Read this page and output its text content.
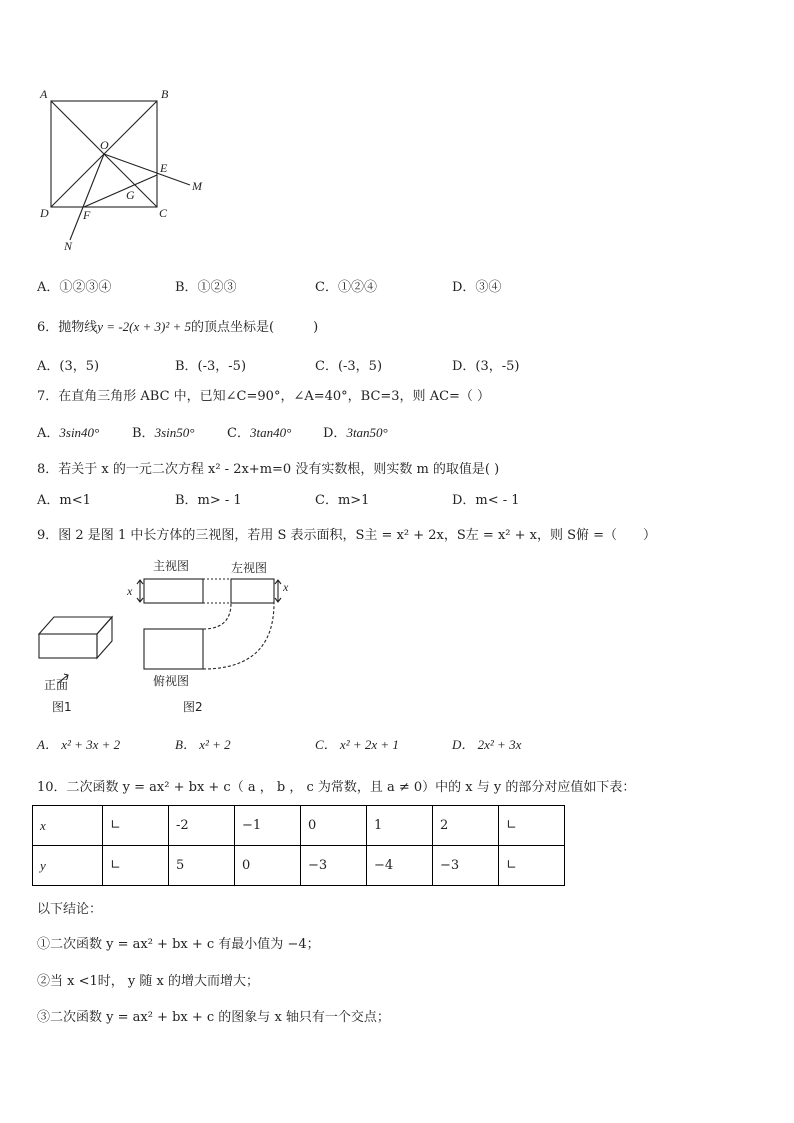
A	B
C
D
O
E
M
G
F
N
A．①②③④	B．①②③	C．①②④	D．③④
6．抛物线y = -2(x + 3)² + 5的顶点坐标是(　　　)
A．(3，5)	B．(-3，-5)	C．(-3，5)	D．(3，-5)
7．在直角三角形 ABC 中，已知∠C=90°，∠A=40°，BC=3，则 AC=（ ）
A．3sin40°	B．3sin50°	C．3tan40° D．3tan50°
8．若关于 x 的一元二次方程 x² - 2x+m=0 没有实数根，则实数 m 的取值是( )
A．m<1	B．m> - 1	C．m>1	D．m< - 1
9．图 2 是图 1 中长方体的三视图，若用 S 表示面积，S主 = x² + 2x，S左 = x² + x，则 S俯 =（　　）
主视图	左视图
俯视图
正面
图1	图2
x	x
A． x² + 3x + 2	B． x² + 2	C． x² + 2x + 1	D． 2x² + 3x
10．二次函数 y = ax² + bx + c（ a ， b ， c 为常数，且 a ≠ 0）中的 x 与 y 的部分对应值如下表：
x	∟	-2	−1	0	1	2	∟
y	∟	5	0	−3	−4	−3	∟
以下结论：
①二次函数 y = ax² + bx + c 有最小值为 −4；
②当 x <1时， y 随 x 的增大而增大；
③二次函数 y = ax² + bx + c 的图象与 x 轴只有一个交点；
